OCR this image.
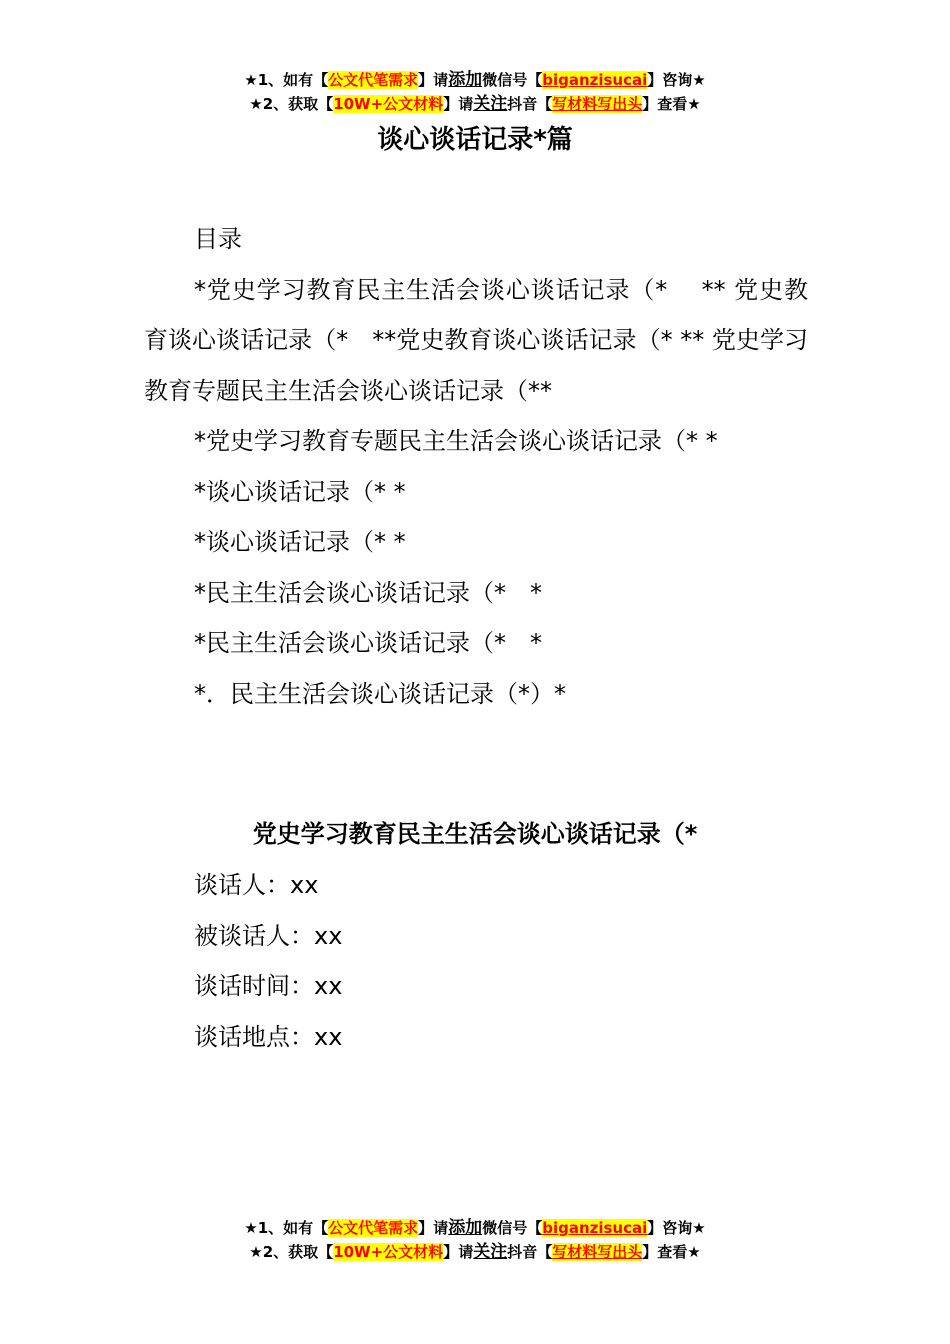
★1、如有【公文代笔需求】请添加微信号【biganzisucai】咨询★
★2、获取【10W+公文材料】请关注抖音【写材料写出头】查看★
谈心谈话记录*篇

目录

*党史学习教育民主生活会谈心谈话记录（*　 ** 党史教育谈心谈话记录（*　**党史教育谈心谈话记录（* ** 党史学习教育专题民主生活会谈心谈话记录（**

*党史学习教育专题民主生活会谈心谈话记录（* *

*谈心谈话记录（* *

*谈心谈话记录（* *

*民主生活会谈心谈话记录（*　*

*民主生活会谈心谈话记录（*　*

*．民主生活会谈心谈话记录（*）*

党史学习教育民主生活会谈心谈话记录（*

谈话人：xx

被谈话人：xx

谈话时间：xx

谈话地点：xx

★1、如有【公文代笔需求】请添加微信号【biganzisucai】咨询★
★2、获取【10W+公文材料】请关注抖音【写材料写出头】查看★
